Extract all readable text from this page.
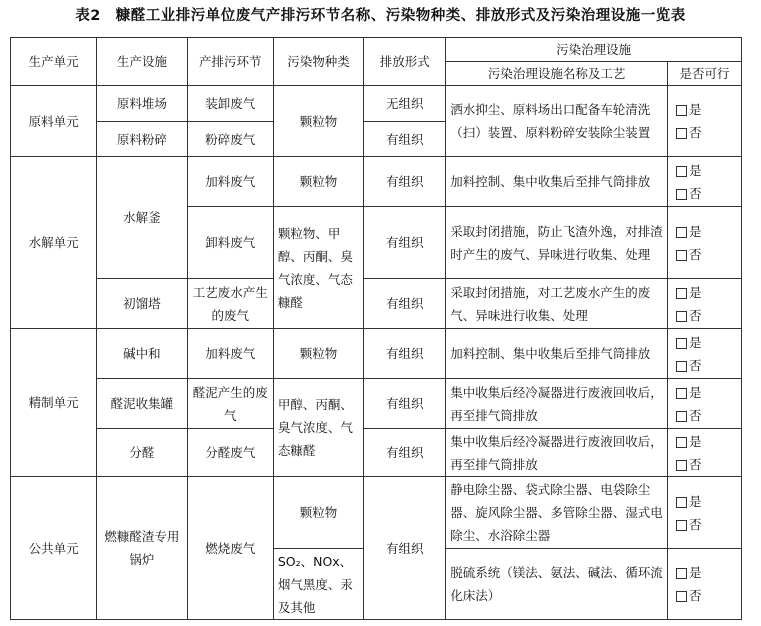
表2　糠醛工业排污单位废气产排污环节名称、污染物种类、排放形式及污染治理设施一览表
生产单元	生产设施	产排污环节	污染物种类	排放形式	污染治理设施	
					污染治理设施名称及工艺	是否可行
原料单元	原料堆场	装卸废气	颗粒物	无组织	洒水抑尘、原料场出口配备车轮清洗（扫）装置、原料粉碎安装除尘装置	是
否

	原料粉碎	粉碎废气		有组织		
水解单元	水解釜	加料废气	颗粒物	有组织	加料控制、集中收集后至排气筒排放	是
否

		卸料废气	颗粒物、甲醇、丙酮、臭气浓度、气态糠醛	有组织	采取封闭措施，防止飞渣外逸，对排渣时产生的废气、异味进行收集、处理	是
否

	初馏塔	工艺废水产生的废气		有组织	采取封闭措施，对工艺废水产生的废气、异味进行收集、处理	是
否

精制单元	碱中和	加料废气	颗粒物	有组织	加料控制、集中收集后至排气筒排放	是
否

	醛泥收集罐	醛泥产生的废气	甲醇、丙酮、臭气浓度、气态糠醛	有组织	集中收集后经冷凝器进行废液回收后，再至排气筒排放	是
否

	分醛	分醛废气		有组织	集中收集后经冷凝器进行废液回收后，再至排气筒排放	是
否

公共单元	燃糠醛渣专用锅炉	燃烧废气	颗粒物	有组织	静电除尘器、袋式除尘器、电袋除尘器、旋风除尘器、多管除尘器、湿式电除尘、水浴除尘器	是
否

			SO₂、NOx、烟气黑度、汞及其他		脱硫系统（镁法、氨法、碱法、循环流化床法）	是
否
